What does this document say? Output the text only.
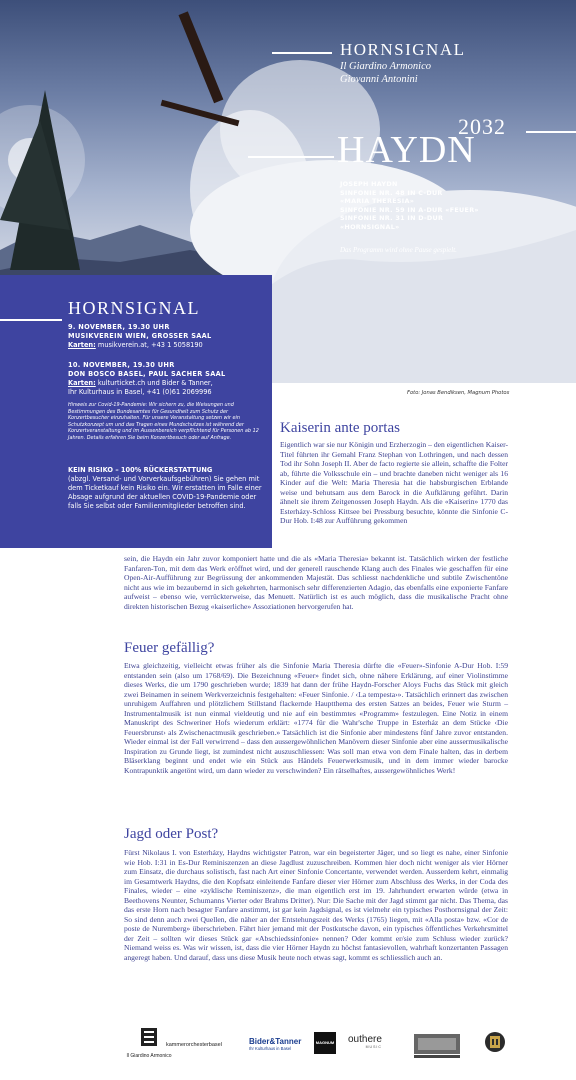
HORNSIGNAL
Il Giardino Armonico
Giovanni Antonini
HAYDN
2032
JOSEPH HAYDN
SINFONIE NR. 48 IN C-DUR
«MARIA THERESIA»
SINFONIE NR. 59 IN A-DUR «FEUER»
SINFONIE NR. 31 IN D-DUR
«HORNSIGNAL»
Das Programm wird ohne Pause gespielt.
Foto: Jonas Bendiksen, Magnum Photos
HORNSIGNAL
9. NOVEMBER, 19.30 UHR
MUSIKVEREIN WIEN, GROSSER SAAL
Karten: musikverein.at, +43 1 5058190
10. NOVEMBER, 19.30 UHR
DON BOSCO BASEL, PAUL SACHER SAAL
Karten: kulturticket.ch und Bider & Tanner,
Ihr Kulturhaus in Basel, +41 (0)61 2069996
Hinweis zur Covid-19-Pandemie: Wir sichern zu, die Weisungen und Bestimmungen des Bundesamtes für Gesundheit zum Schutz der Konzertbesucher einzuhalten. Für unsere Veranstaltung setzen wir ein Schutzkonzept um und das Tragen eines Mundschutzes ist während der Konzertveranstaltung und im Aussenbereich verpflichtend für Personen ab 12 Jahren. Details erfahren Sie beim Konzertbesuch oder auf Anfrage.
KEIN RISIKO – 100% RÜCKERSTATTUNG
(abzgl. Versand- und Vorverkaufsgebühren) Sie gehen mit dem Ticketkauf kein Risiko ein. Wir erstatten im Falle einer Absage aufgrund der aktuellen COVID-19-Pandemie oder falls Sie selbst oder Familienmitglieder betroffen sind.
Kaiserin ante portas
Eigentlich war sie nur Königin und Erzherzogin – den eigentlichen Kaiser-Titel führten ihr Gemahl Franz Stephan von Lothringen, und nach dessen Tod ihr Sohn Joseph II. Aber de facto regierte sie allein, schaffte die Folter ab, führte die Volksschule ein – und brachte daneben nicht weniger als 16 Kinder auf die Welt: Maria Theresia hat die habsburgischen Erblande weise und behutsam aus dem Barock in die Aufklärung geführt. Darin ähnelt sie ihrem Zeitgenossen Joseph Haydn. Als die «Kaiserin» 1770 das Esterházy-Schloss Kittsee bei Pressburg besuchte, könnte die Sinfonie C-Dur Hob. I:48 zur Aufführung gekommen
sein, die Haydn ein Jahr zuvor komponiert hatte und die als «Maria Theresia» bekannt ist. Tatsächlich wirken der festliche Fanfaren-Ton, mit dem das Werk eröffnet wird, und der generell rauschende Klang auch des Finales wie geschaffen für eine Open-Air-Aufführung zur Begrüssung der ankommenden Majestät. Das schliesst nachdenkliche und subtile Zwischentöne nicht aus wie im bezaubernd in sich gekehrten, harmonisch sehr differenzierten Adagio, das ebenfalls eine exponierte Fanfare aufweist – ebenso wie, verrückterweise, das Menuett. Natürlich ist es auch möglich, dass die musikalische Pracht ohne direkten historischen Bezug «kaiserliche» Assoziationen hervorgerufen hat.
Feuer gefällig?
Etwa gleichzeitig, vielleicht etwas früher als die Sinfonie Maria Theresia dürfte die «Feuer»-Sinfonie A-Dur Hob. I:59 entstanden sein (also um 1768/69). Die Bezeichnung «Feuer» findet sich, ohne nähere Erklärung, auf einer Violinstimme dieses Werks, die um 1790 geschrieben wurde; 1839 hat dann der frühe Haydn-Forscher Aloys Fuchs das Stück mit gleich zwei Beinamen in seinem Werkverzeichnis festgehalten: «Feuer Sinfonie. / ‹La tempesta›». Tatsächlich erinnert das zwischen unruhigem Auffahren und plötzlichem Stillstand flackernde Hauptthema des ersten Satzes an beides, Feuer wie Sturm – Instrumentalmusik ist nun einmal vieldeutig und nie auf ein bestimmtes «Programm» festzulegen. Eine Notiz in einem Manuskript des Schweriner Hofs wiederum erklärt: «1774 für die Wahr'sche Truppe in Esterház an dem Stücke ‹Die Feuersbrunst› als Zwischenactmusik geschrieben.» Tatsächlich ist die Sinfonie aber mindestens fünf Jahre zuvor entstanden. Wieder einmal ist der Fall verwirrend – dass den aussergewöhnlichen Manövern dieser Sinfonie aber eine aussermusikalische Inspiration zu Grunde liegt, ist zumindest nicht auszuschliessen: Was soll man etwa von dem Finale halten, das in derbem Bläserklang beginnt und endet wie ein Stück aus Händels Feuerwerksmusik, und in dem immer wieder barocke Kontrapunktik angetönt wird, um dann wieder zu verschwinden? Ein rätselhaftes, aussergewöhnliches Werk!
Jagd oder Post?
Fürst Nikolaus I. von Esterházy, Haydns wichtigster Patron, war ein begeisterter Jäger, und so liegt es nahe, einer Sinfonie wie Hob. I:31 in Es-Dur Reminiszenzen an diese Jagdlust zuzuschreiben. Kommen hier doch nicht weniger als vier Hörner zum Einsatz, die durchaus solistisch, fast nach Art einer Sinfonie Concertante, verwendet werden. Ausserdem kehrt, einmalig im Gesamtwerk Haydns, die den Kopfsatz einleitende Fanfare dieser vier Hörner zum Abschluss des Werks, in der Coda des Finales, wieder – eine «zyklische Reminiszenz», die man eigentlich erst im 19. Jahrhundert erwarten würde (etwa in Beethovens Neunter, Schumanns Vierter oder Brahms Dritter). Nur: Die Sache mit der Jagd stimmt gar nicht. Das Thema, das das erste Horn nach besagter Fanfare anstimmt, ist gar kein Jagdsignal, es ist vielmehr ein typisches Posthornsignal der Zeit: So sind denn auch zwei Quellen, die näher an der Entstehungszeit des Werks (1765) liegen, mit «Alla posta» bzw. «Cor de poste de Nuremberg» überschrieben. Fährt hier jemand mit der Postkutsche davon, ein typisches öffentliches Verkehrsmittel der Zeit – sollten wir dieses Stück gar «Abschiedssinfonie» nennen? Oder kommt er/sie zum Schluss wieder zurück? Niemand weiss es. Was wir wissen, ist, dass die vier Hörner Haydn zu höchst fantasievollen, wahrhaft konzertanten Passagen angeregt haben. Und darauf, dass uns diese Musik heute noch etwas sagt, kommt es schliesslich auch an.
Il Giardino Armonico
kammerorchesterbasel	Bider&Tanner
Ihr Kulturhaus in Basel
MAGNUM outhere
MUSIC
